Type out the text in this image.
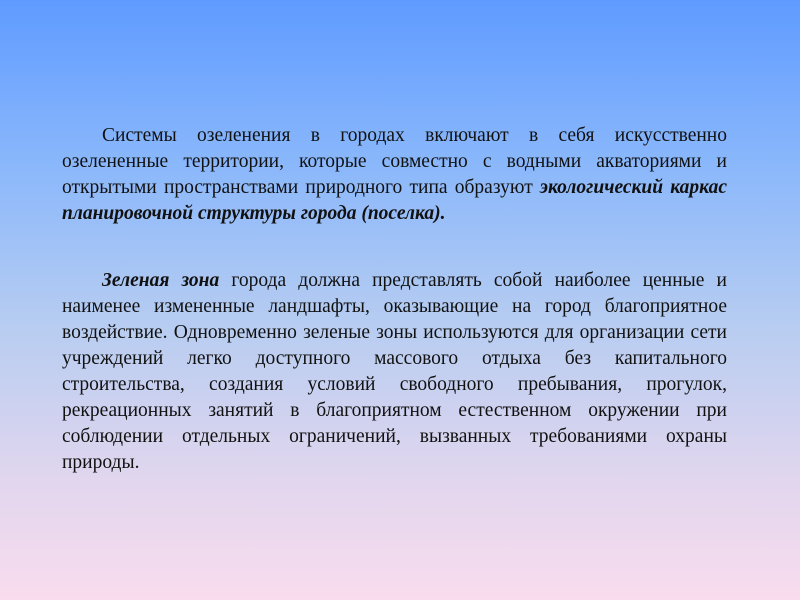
Системы озеленения в городах включают в себя искусственно озелененные территории, которые совместно с водными акваториями и открытыми пространствами природного типа образуют экологический каркас планировочной структуры города (поселка).

Зеленая зона города должна представлять собой наиболее ценные и наименее измененные ландшафты, оказывающие на город благоприятное воздействие. Одновременно зеленые зоны используются для организации сети учреждений легко доступного массового отдыха без капитального строительства, создания условий свободного пребывания, прогулок, рекреационных занятий в благоприятном естественном окружении при соблюдении отдельных ограничений, вызванных требованиями охраны природы.
